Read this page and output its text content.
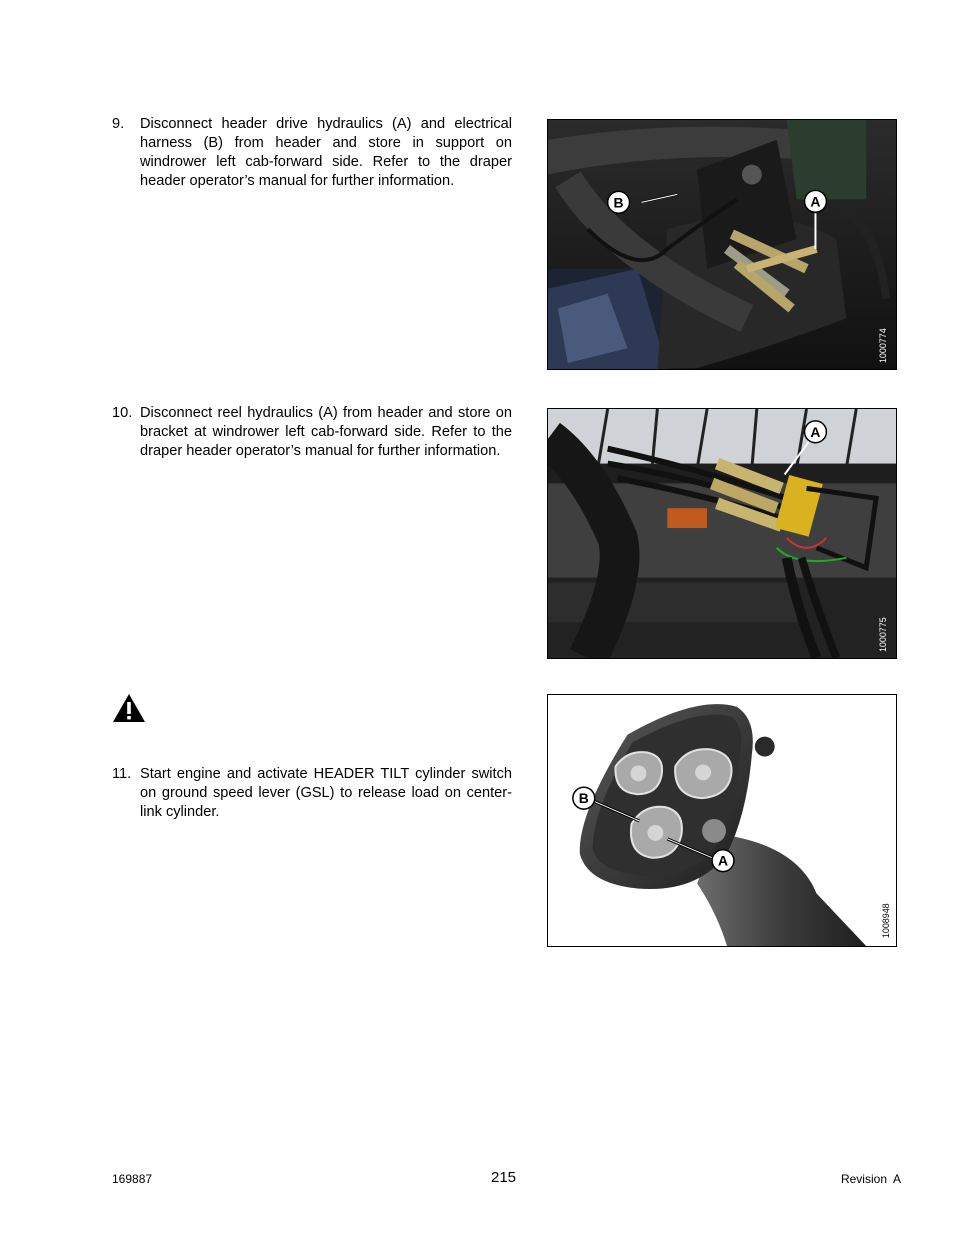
9. Disconnect header drive hydraulics (A) and electrical harness (B) from header and store in support on windrower left cab-forward side. Refer to the draper header operator’s manual for further information.
B	A
1000774
10. Disconnect reel hydraulics (A) from header and store on bracket at windrower left cab-forward side. Refer to the draper header operator’s manual for further information.
A
1000775
11. Start engine and activate HEADER TILT cylinder switch on ground speed lever (GSL) to release load on center-link cylinder.
B
A
1008948
169887	215	Revision  A
